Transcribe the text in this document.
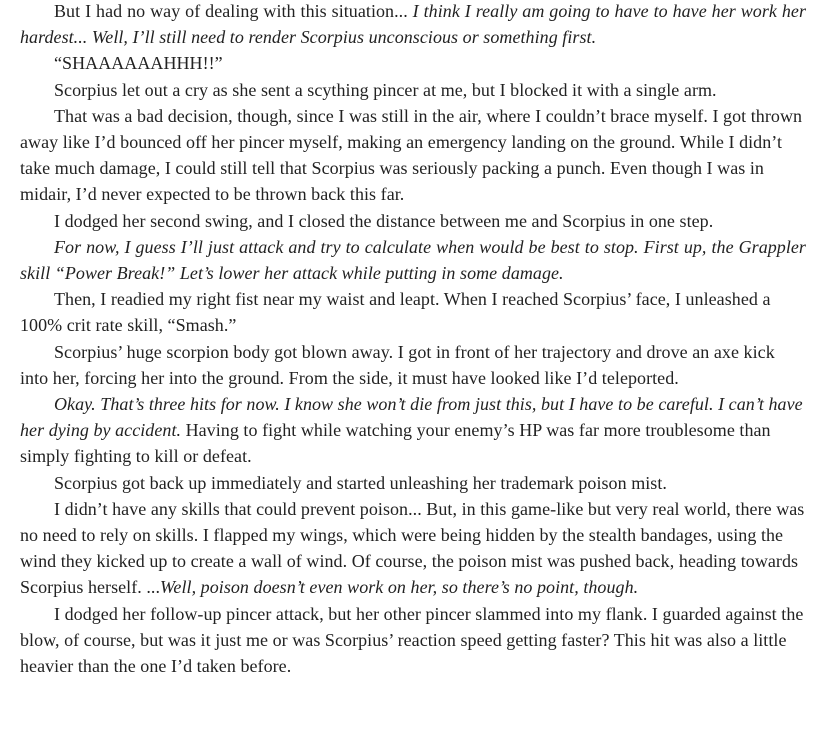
But I had no way of dealing with this situation... I think I really am going to have to have her work her hardest... Well, I’ll still need to render Scorpius unconscious or something first.

“SHAAAAAAHHH!!”

Scorpius let out a cry as she sent a scything pincer at me, but I blocked it with a single arm.

That was a bad decision, though, since I was still in the air, where I couldn’t brace myself. I got thrown away like I’d bounced off her pincer myself, making an emergency landing on the ground. While I didn’t take much damage, I could still tell that Scorpius was seriously packing a punch. Even though I was in midair, I’d never expected to be thrown back this far.

I dodged her second swing, and I closed the distance between me and Scorpius in one step.

For now, I guess I’ll just attack and try to calculate when would be best to stop. First up, the Grappler skill “Power Break!” Let’s lower her attack while putting in some damage.

Then, I readied my right fist near my waist and leapt. When I reached Scorpius’ face, I unleashed a 100% crit rate skill, “Smash.”

Scorpius’ huge scorpion body got blown away. I got in front of her trajectory and drove an axe kick into her, forcing her into the ground. From the side, it must have looked like I’d teleported.

Okay. That’s three hits for now. I know she won’t die from just this, but I have to be careful. I can’t have her dying by accident. Having to fight while watching your enemy’s HP was far more troublesome than simply fighting to kill or defeat.

Scorpius got back up immediately and started unleashing her trademark poison mist.

I didn’t have any skills that could prevent poison... But, in this game-like but very real world, there was no need to rely on skills. I flapped my wings, which were being hidden by the stealth bandages, using the wind they kicked up to create a wall of wind. Of course, the poison mist was pushed back, heading towards Scorpius herself. ...Well, poison doesn’t even work on her, so there’s no point, though.

I dodged her follow-up pincer attack, but her other pincer slammed into my flank. I guarded against the blow, of course, but was it just me or was Scorpius’ reaction speed getting faster? This hit was also a little heavier than the one I’d taken before.
